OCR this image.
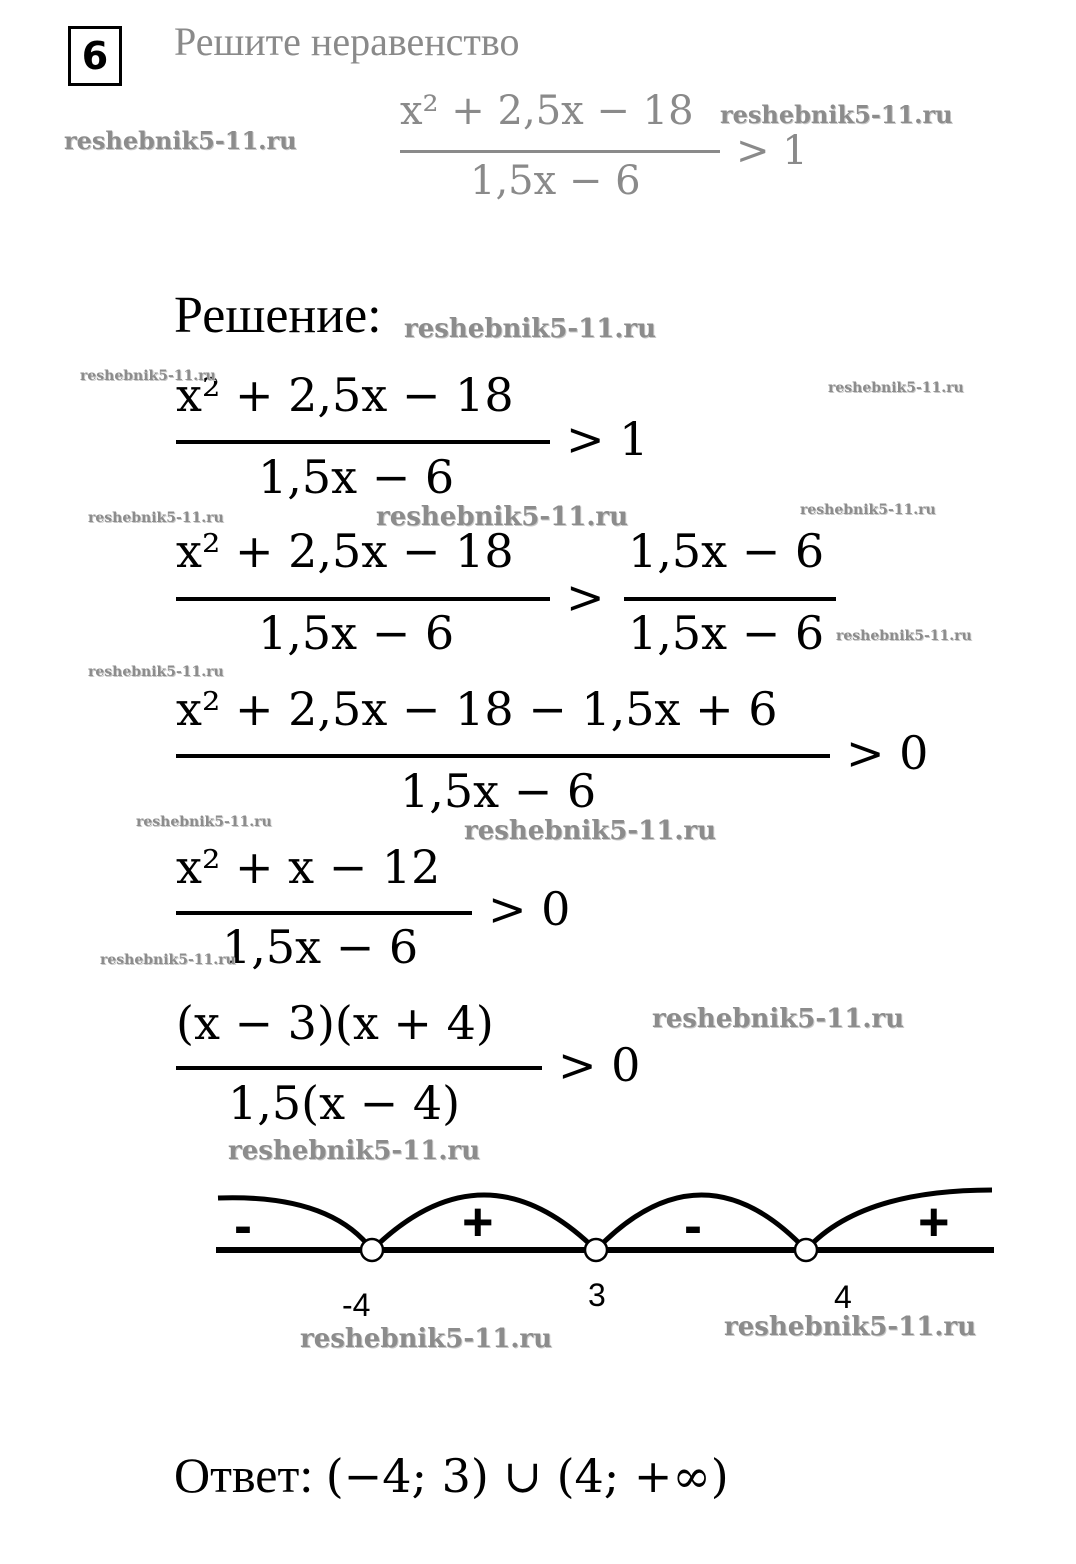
6 Решите неравенство
x² + 2,5x − 18
1,5x − 6
> 1
Решение:
x² + 2,5x − 18
1,5x − 6
> 1
x² + 2,5x − 18
1,5x − 6
>
1,5x − 6
1,5x − 6
x² + 2,5x − 18 − 1,5x + 6
1,5x − 6
> 0
x² + x − 12
1,5x − 6
> 0
(x − 3)(x + 4)
1,5(x − 4)
> 0
-	+	-	+
-4	3	4
Ответ: (−4; 3) ∪ (4; +∞)
reshebnik5-11.ru
reshebnik5-11.ru
reshebnik5-11.ru
reshebnik5-11.ru
reshebnik5-11.ru
reshebnik5-11.ru	reshebnik5-11.ru	reshebnik5-11.ru
reshebnik5-11.ru
reshebnik5-11.ru
reshebnik5-11.ru	reshebnik5-11.ru
reshebnik5-11.ru
reshebnik5-11.ru
reshebnik5-11.ru
reshebnik5-11.ru	reshebnik5-11.ru
